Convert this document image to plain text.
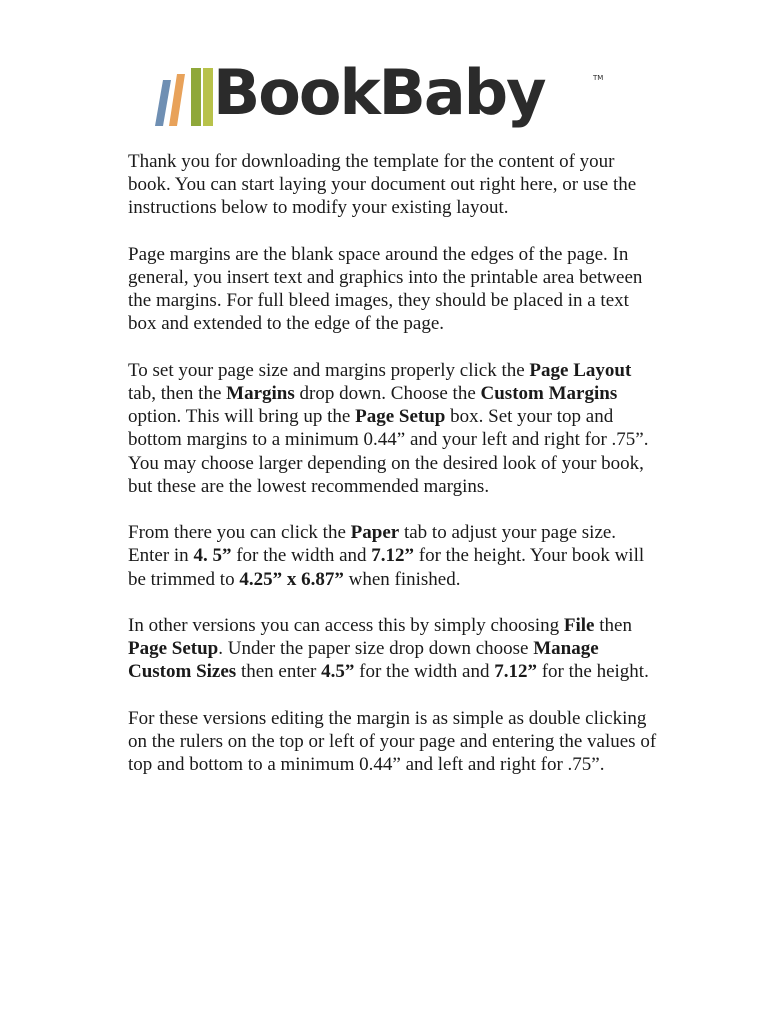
BookBaby	TM

Thank you for downloading the template for the content of your book. You can start laying your document out right here, or use the instructions below to modify your existing layout.

Page margins are the blank space around the edges of the page. In general, you insert text and graphics into the printable area between the margins. For full bleed images, they should be placed in a text box and extended to the edge of the page.

To set your page size and margins properly click the Page Layout tab, then the Margins drop down. Choose the Custom Margins option. This will bring up the Page Setup box. Set your top and bottom margins to a minimum 0.44” and your left and right for .75”. You may choose larger depending on the desired look of your book, but these are the lowest recommended margins.

From there you can click the Paper tab to adjust your page size. Enter in 4. 5” for the width and 7.12” for the height. Your book will be trimmed to 4.25” x 6.87” when finished.

In other versions you can access this by simply choosing File then Page Setup. Under the paper size drop down choose Manage Custom Sizes then enter 4.5” for the width and 7.12” for the height.

For these versions editing the margin is as simple as double clicking on the rulers on the top or left of your page and entering the values of top and bottom to a minimum 0.44” and left and right for .75”.
